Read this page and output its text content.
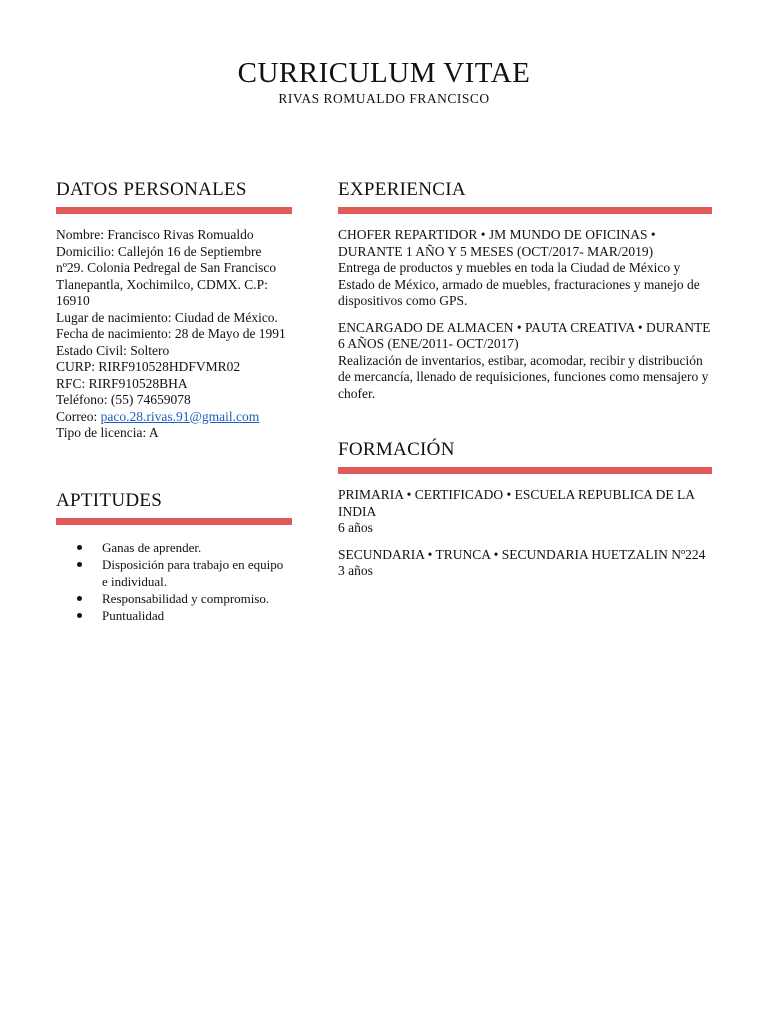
CURRICULUM VITAE
RIVAS ROMUALDO FRANCISCO
DATOS PERSONALES

Nombre: Francisco Rivas Romualdo

Domicilio: Callejón 16 de Septiembre nº29. Colonia Pedregal de San Francisco Tlanepantla, Xochimilco, CDMX. C.P: 16910

Lugar de nacimiento: Ciudad de México.

Fecha de nacimiento: 28 de Mayo de 1991

Estado Civil: Soltero

CURP: RIRF910528HDFVMR02

RFC: RIRF910528BHA

Teléfono: (55) 74659078

Correo: paco.28.rivas.91@gmail.com

Tipo de licencia: A

APTITUDES
Ganas de aprender.
Disposición para trabajo en equipo e individual.
Responsabilidad y compromiso.
Puntualidad
EXPERIENCIA
CHOFER REPARTIDOR • JM MUNDO DE OFICINAS • DURANTE 1 AÑO Y 5 MESES (OCT/2017- MAR/2019)
Entrega de productos y muebles en toda la Ciudad de México y Estado de México, armado de muebles, fracturaciones y manejo de dispositivos como GPS.
ENCARGADO DE ALMACEN • PAUTA CREATIVA • DURANTE 6 AÑOS (ENE/2011- OCT/2017)
Realización de inventarios, estibar, acomodar, recibir y distribución de mercancía, llenado de requisiciones, funciones como mensajero y chofer.
FORMACIÓN
PRIMARIA • CERTIFICADO • ESCUELA REPUBLICA DE LA INDIA
6 años
SECUNDARIA • TRUNCA • SECUNDARIA HUETZALIN Nº224
3 años
